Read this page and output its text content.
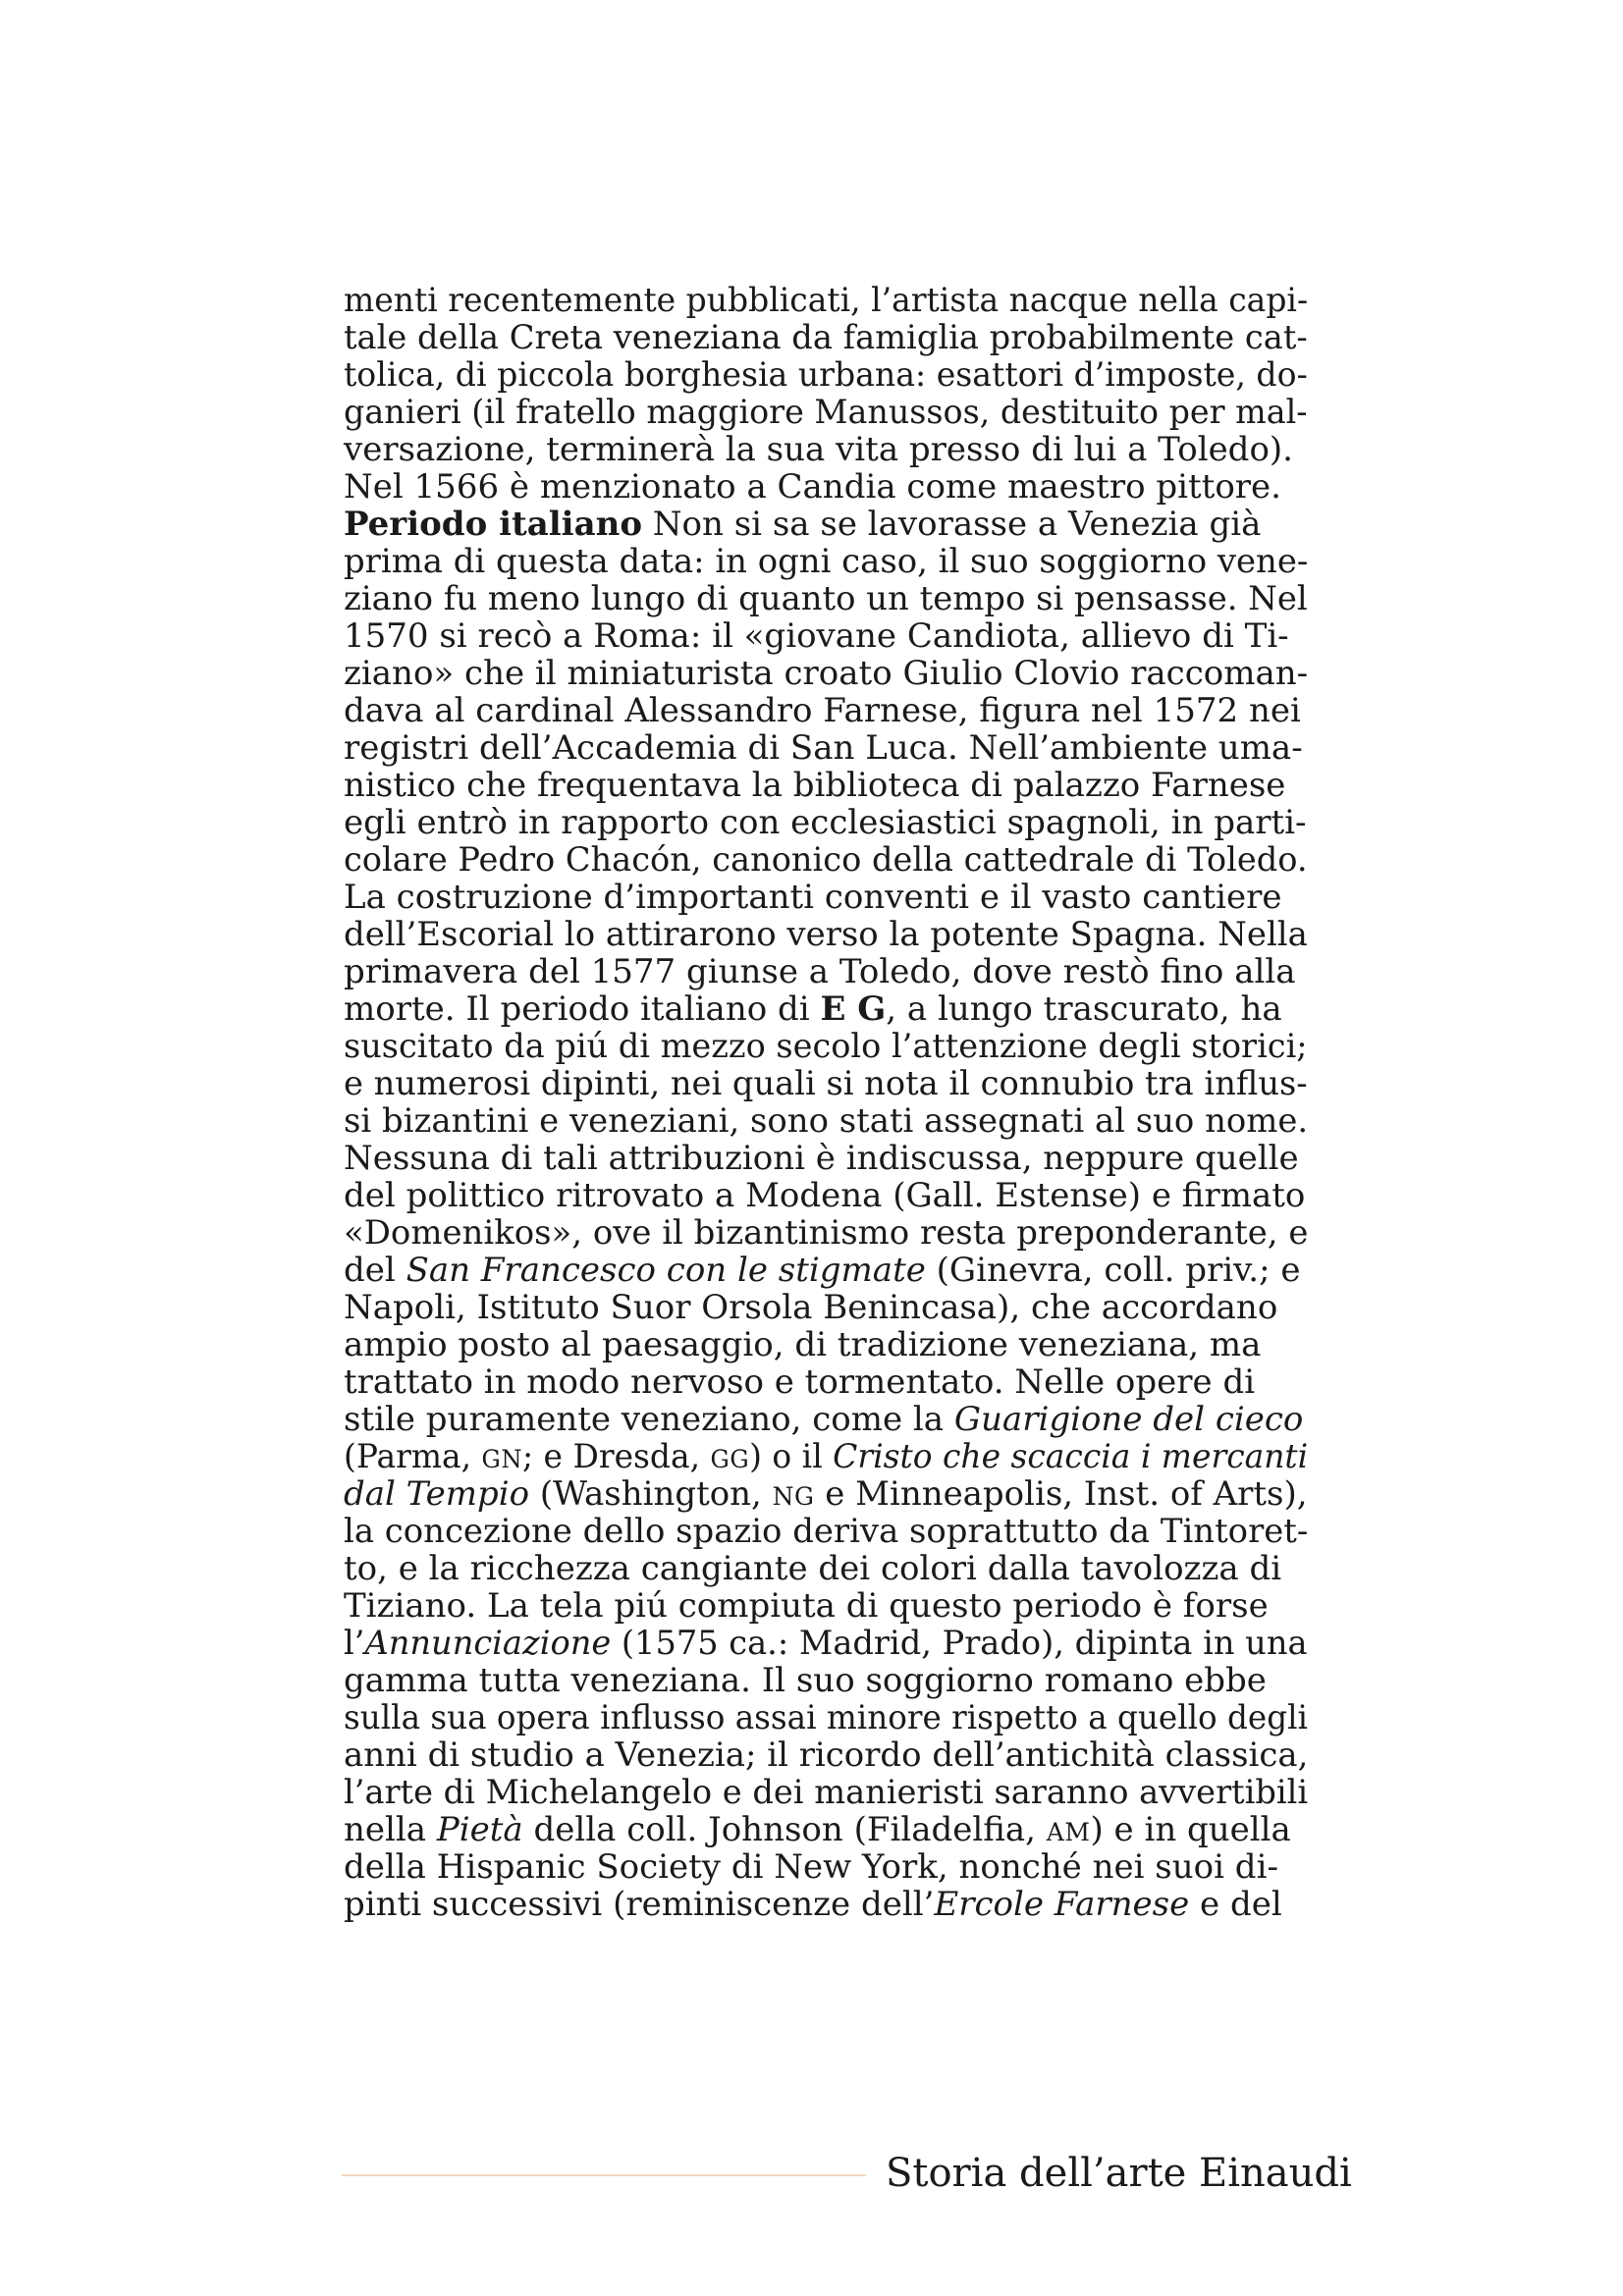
menti recentemente pubblicati, l’artista nacque nella capi-
tale della Creta veneziana da famiglia probabilmente cat-
tolica, di piccola borghesia urbana: esattori d’imposte, do-
ganieri (il fratello maggiore Manussos, destituito per mal-
versazione, terminerà la sua vita presso di lui a Toledo).
Nel 1566 è menzionato a Candia come maestro pittore.
Periodo italiano Non si sa se lavorasse a Venezia già
prima di questa data: in ogni caso, il suo soggiorno vene-
ziano fu meno lungo di quanto un tempo si pensasse. Nel
1570 si recò a Roma: il «giovane Candiota, allievo di Ti-
ziano» che il miniaturista croato Giulio Clovio raccoman-
dava al cardinal Alessandro Farnese, figura nel 1572 nei
registri dell’Accademia di San Luca. Nell’ambiente uma-
nistico che frequentava la biblioteca di palazzo Farnese
egli entrò in rapporto con ecclesiastici spagnoli, in parti-
colare Pedro Chacón, canonico della cattedrale di Toledo.
La costruzione d’importanti conventi e il vasto cantiere
dell’Escorial lo attirarono verso la potente Spagna. Nella
primavera del 1577 giunse a Toledo, dove restò fino alla
morte. Il periodo italiano di E G, a lungo trascurato, ha
suscitato da piú di mezzo secolo l’attenzione degli storici;
e numerosi dipinti, nei quali si nota il connubio tra influs-
si bizantini e veneziani, sono stati assegnati al suo nome.
Nessuna di tali attribuzioni è indiscussa, neppure quelle
del polittico ritrovato a Modena (Gall. Estense) e firmato
«Domenikos», ove il bizantinismo resta preponderante, e
del San Francesco con le stigmate (Ginevra, coll. priv.; e
Napoli, Istituto Suor Orsola Benincasa), che accordano
ampio posto al paesaggio, di tradizione veneziana, ma
trattato in modo nervoso e tormentato. Nelle opere di
stile puramente veneziano, come la Guarigione del cieco
(Parma, GN; e Dresda, GG) o il Cristo che scaccia i mercanti
dal Tempio (Washington, NG e Minneapolis, Inst. of Arts),
la concezione dello spazio deriva soprattutto da Tintoret-
to, e la ricchezza cangiante dei colori dalla tavolozza di
Tiziano. La tela piú compiuta di questo periodo è forse
l’Annunciazione (1575 ca.: Madrid, Prado), dipinta in una
gamma tutta veneziana. Il suo soggiorno romano ebbe
sulla sua opera influsso assai minore rispetto a quello degli
anni di studio a Venezia; il ricordo dell’antichità classica,
l’arte di Michelangelo e dei manieristi saranno avvertibili
nella Pietà della coll. Johnson (Filadelfia, AM) e in quella
della Hispanic Society di New York, nonché nei suoi di-
pinti successivi (reminiscenze dell’Ercole Farnese e del
Storia dell’arte Einaudi
